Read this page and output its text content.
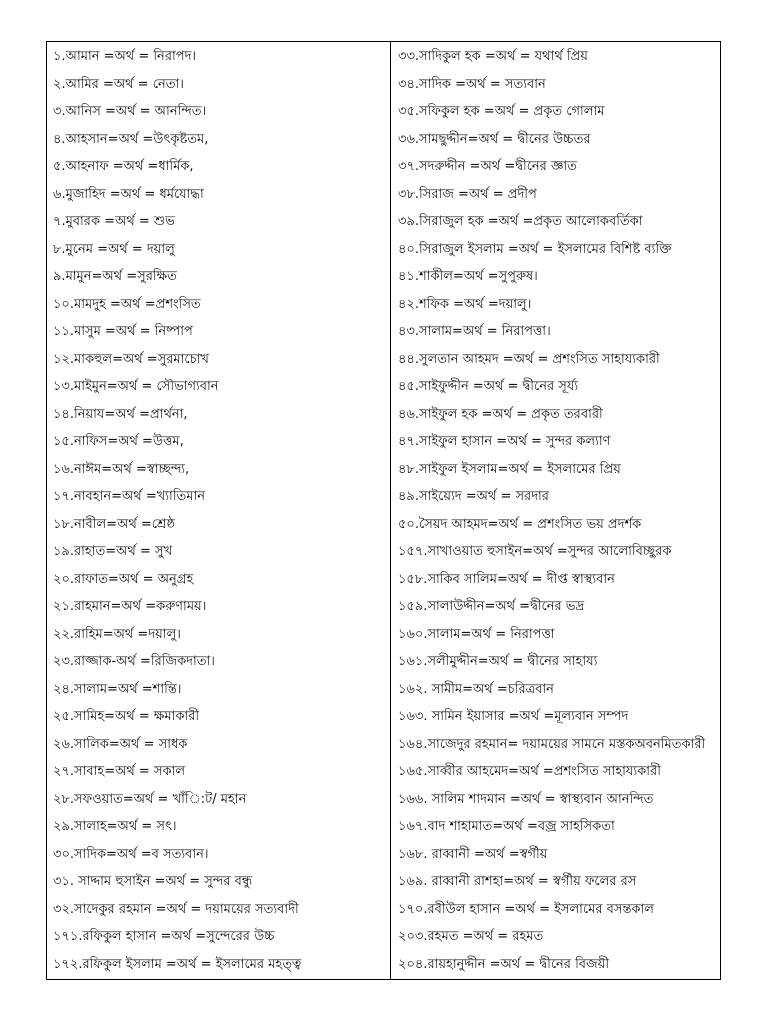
১.আমান =অর্থ = নিরাপদ।
২.আমির =অর্থ = নেতা।
৩.আনিস =অর্থ = আনন্দিত।
৪.আহসান=অর্থ =উৎকৃষ্টতম,
৫.আহনাফ =অর্থ =ধার্মিক,
৬.মুজাহিদ =অর্থ = ধর্মযোদ্ধা
৭.মুবারক =অর্থ = শুভ
৮.মুনেম =অর্থ = দয়ালু
৯.মামুন=অর্থ =সুরক্ষিত
১০.মামদুহ =অর্থ =প্রশংসিত
১১.মাসুম =অর্থ = নিষ্পাপ
১২.মাকহুল=অর্থ =সুরমাচোখ
১৩.মাইমুন=অর্থ = সৌভাগ্যবান
১৪.নিয়ায=অর্থ =প্রার্থনা,
১৫.নাফিস=অর্থ =উত্তম,
১৬.নাঈম=অর্থ =স্বাচ্ছন্দ্য,
১৭.নাবহান=অর্থ =খ্যাতিমান
১৮.নাবীল=অর্থ =শ্রেষ্ঠ
১৯.রাহাত=অর্থ = সুখ
২০.রাফাত=অর্থ = অনুগ্রহ
২১.রাহমান=অর্থ =করুণাময়।
২২.রাহিম=অর্থ =দয়ালু।
২৩.রাজ্জাক-অর্থ =রিজিকদাতা।
২৪.সালাম=অর্থ =শান্তি।
২৫.সামিহ=অর্থ = ক্ষমাকারী
২৬.সালিক=অর্থ = সাধক
২৭.সাবাহ=অর্থ = সকাল
২৮.সফওয়াত=অর্থ = খাঁি:ট/ মহান
২৯.সালাহ=অর্থ = সৎ।
৩০.সাদিক=অর্থ =ব সত্যবান।
৩১. সাদ্দাম হুসাইন =অর্থ = সুন্দর বন্ধু
৩২.সাদেকুর রহমান =অর্থ = দয়াময়ের সত্যবাদী
১৭১.রফিকুল হাসান =অর্থ =সুন্দেরের উচ্চ
১৭২.রফিকুল ইসলাম =অর্থ = ইসলামের মহত্ত্ব
৩৩.সাদিকুল হক =অর্থ = যথার্থ প্রিয়
৩৪.সাদিক =অর্থ = সত্যবান
৩৫.সফিকুল হক =অর্থ = প্রকৃত গোলাম
৩৬.সামছুদ্দীন=অর্থ = দ্বীনের উচ্চতর
৩৭.সদরুদ্দীন =অর্থ =দ্বীনের জ্ঞাত
৩৮.সিরাজ =অর্থ = প্রদীপ
৩৯.সিরাজুল হক =অর্থ =প্রকৃত আলোকবর্তিকা
৪০.সিরাজুল ইসলাম =অর্থ = ইসলামের বিশিষ্ট ব্যক্তি
৪১.শাকীল=অর্থ =সুপুরুষ।
৪২.শফিক =অর্থ =দয়ালু।
৪৩.সালাম=অর্থ = নিরাপত্তা।
৪৪.সুলতান আহমদ =অর্থ = প্রশংসিত সাহায্যকারী
৪৫.সাইফুদ্দীন =অর্থ = দ্বীনের সূর্য্য
৪৬.সাইফুল হক =অর্থ = প্রকৃত তরবারী
৪৭.সাইফুল হাসান =অর্থ = সুন্দর কল্যাণ
৪৮.সাইফুল ইসলাম=অর্থ = ইসলামের প্রিয়
৪৯.সাইয়্যেদ =অর্থ = সরদার
৫০.সৈয়দ আহমদ=অর্থ = প্রশংসিত ভয় প্রদর্শক
১৫৭.সাখাওয়াত হুসাইন=অর্থ =সুন্দর আলোবিচ্ছুরক
১৫৮.সাকিব সালিম=অর্থ = দীপ্ত স্বাস্থ্যবান
১৫৯.সালাউদ্দীন=অর্থ =দ্বীনের ভদ্র
১৬০.সালাম=অর্থ = নিরাপত্তা
১৬১.সলীমুদ্দীন=অর্থ = দ্বীনের সাহায্য
১৬২. সামীম=অর্থ =চরিত্রবান
১৬৩. সামিন ইয়াসার =অর্থ =মূল্যবান সম্পদ
১৬৪.সাজেদুর রহমান= দয়াময়ের সামনে মস্তকঅবনমিতকারী
১৬৫.সাব্বীর আহমেদ=অর্থ =প্রশংসিত সাহায্যকারী
১৬৬. সালিম শাদমান =অর্থ = স্বাস্থ্যবান আনন্দিত
১৬৭.বাদ শাহামাত=অর্থ =বজ্র সাহসিকতা
১৬৮. রাব্বানী =অর্থ =স্বর্গীয়
১৬৯. রাব্বানী রাশহা=অর্থ = স্বর্গীয় ফলের রস
১৭০.রবীউল হাসান =অর্থ = ইসলামের বসন্তকাল
২০৩.রহমত =অর্থ = রহমত
২০৪.রায়হানুদ্দীন =অর্থ = দ্বীনের বিজয়ী
